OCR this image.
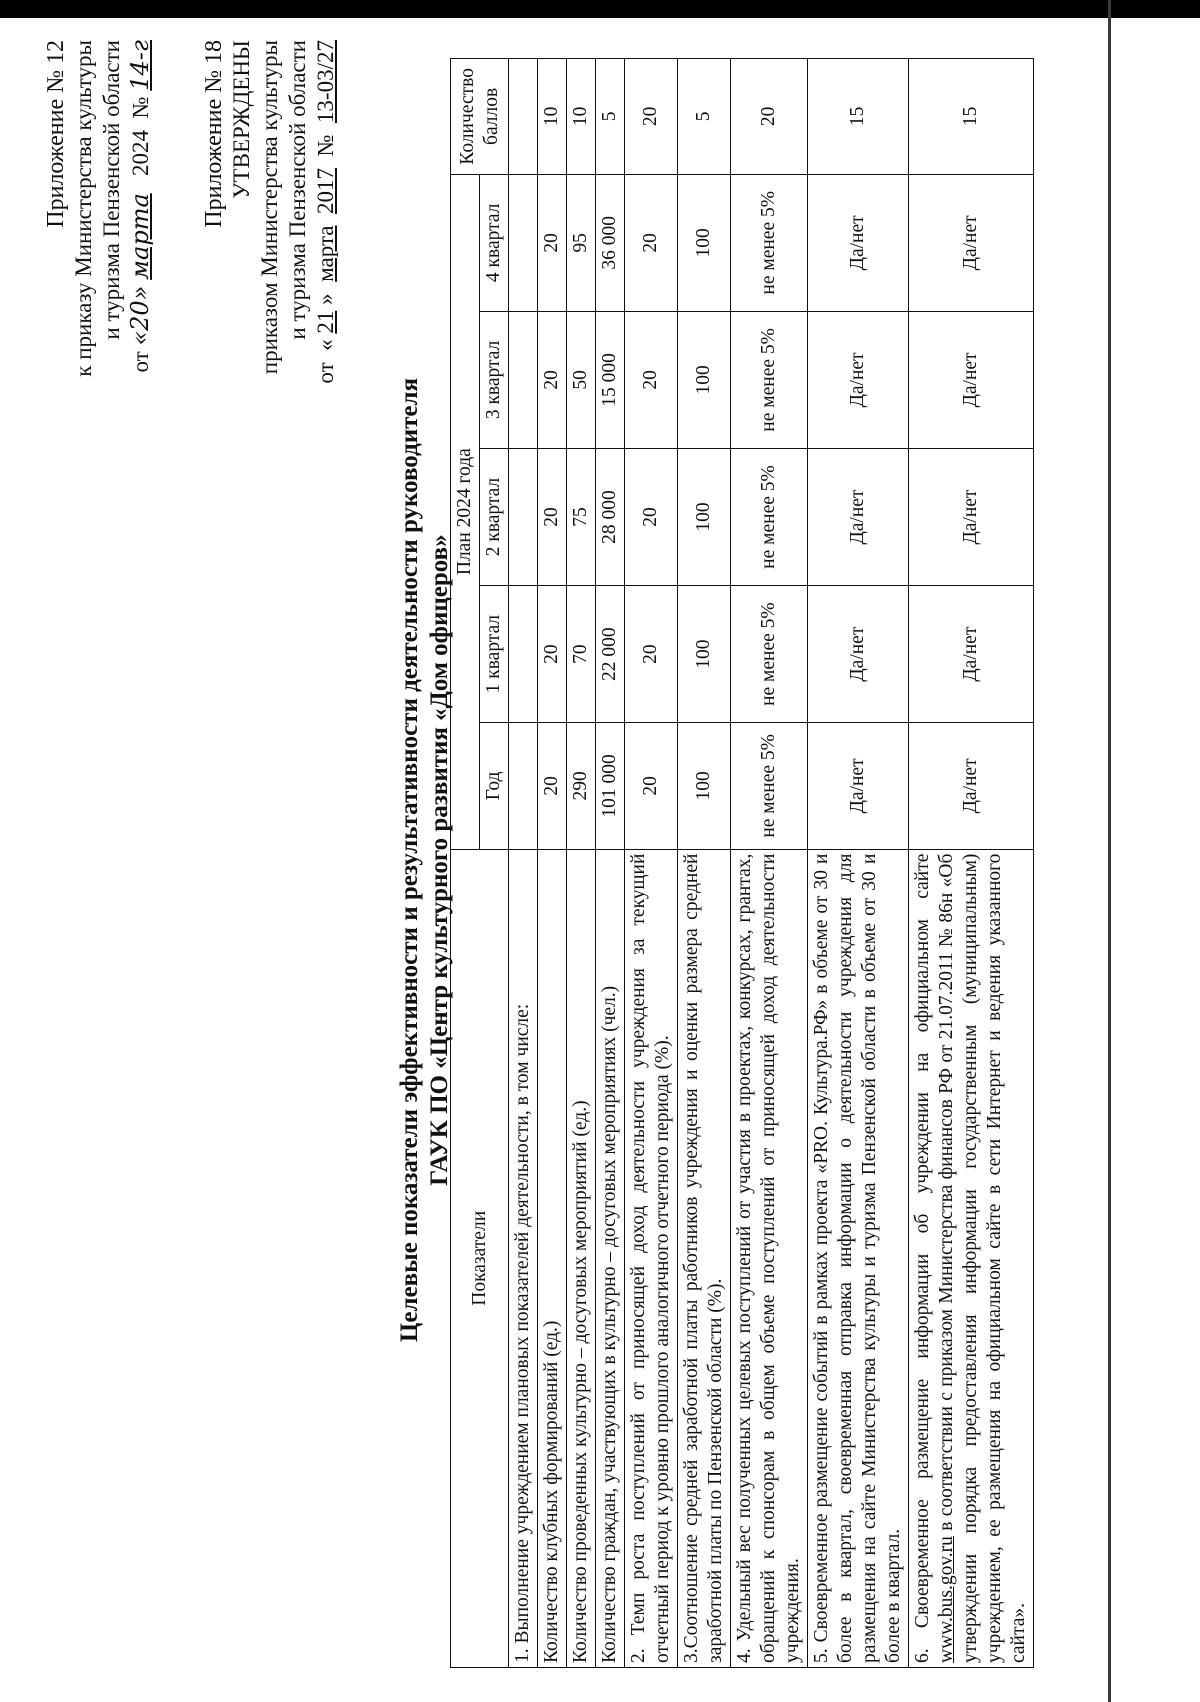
Приложение № 12 к приказу Министерства культуры и туризма Пензенской области
от «20» марта   2024  № 14-г Приложение № 18 УТВЕРЖДЕНЫ приказом Министерства культуры и туризма Пензенской области
от  « 21 »  марта  2017  №  13-03/27
Целевые показатели эффективности и результативности деятельности руководителя ГАУК ПО «Центр культурного развития «Дом офицеров»
Показатели	План 2024 года					Количество баллов
	Год	1 квартал	2 квартал	3 квартал	4 квартал	
1. Выполнение учреждением плановых показателей деятельности, в том числе:						
Количество клубных формирований (ед.)	20	20	20	20	20	10
Количество проведенных культурно – досуговых мероприятий (ед.)	290	70	75	50	95	10
Количество граждан, участвующих в культурно – досуговых мероприятиях (чел.)	101 000	22 000	28 000	15 000	36 000	5
2. Темп роста поступлений от приносящей доход деятельности учреждения за текущий отчетный период к уровню прошлого аналогичного отчетного периода (%).	20	20	20	20	20	20
3.Соотношение средней заработной платы работников учреждения и оценки размера средней заработной платы по Пензенской области (%).	100	100	100	100	100	5
4. Удельный вес полученных целевых поступлений от участия в проектах, конкурсах, грантах, обращений к спонсорам в общем объеме поступлений от приносящей доход деятельности учреждения.	не менее 5%	не менее 5%	не менее 5%	не менее 5%	не менее 5%	20
5. Своевременное размещение событий в рамках проекта «PRO. Культура.РФ» в объеме от 30 и более в квартал, своевременная отправка информации о деятельности учреждения для размещения на сайте Министерства культуры и туризма Пензенской области в объеме от 30 и более в квартал.	Да/нет	Да/нет	Да/нет	Да/нет	Да/нет	15
6. Своевременное размещение информации об учреждении на официальном сайте www.bus.gov.ru в соответствии с приказом Министерства финансов РФ от 21.07.2011 № 86н «Об утверждении порядка предоставления информации государственным (муниципальным) учреждением, ее размещения на официальном сайте в сети Интернет и ведения указанного сайта».	Да/нет	Да/нет	Да/нет	Да/нет	Да/нет	15
